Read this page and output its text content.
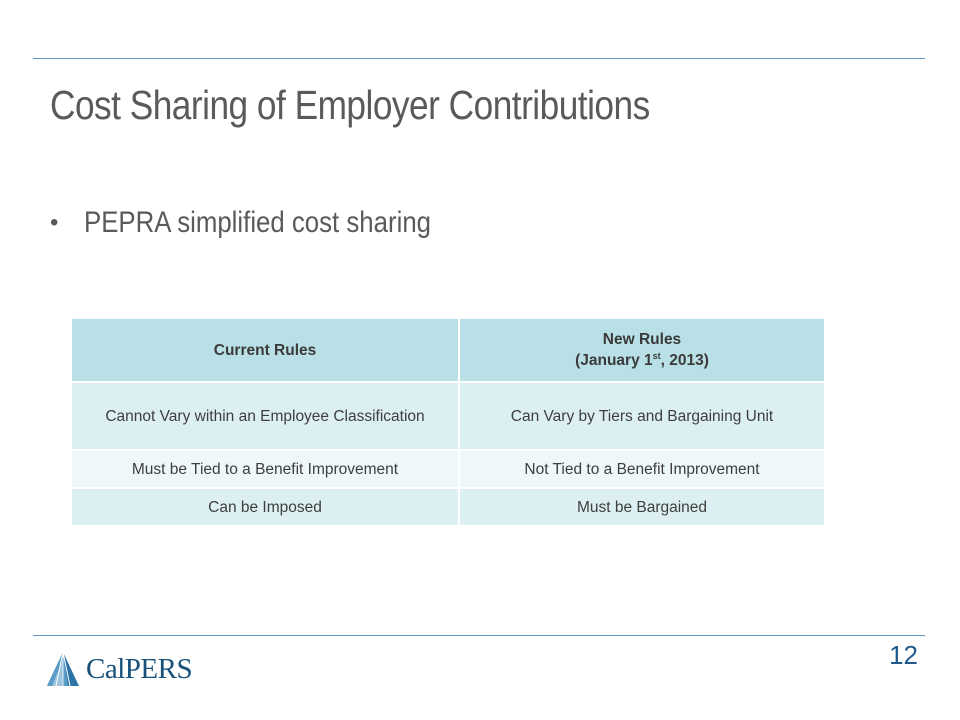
Cost Sharing of Employer Contributions
• PEPRA simplified cost sharing
Current Rules	New Rules
(January 1st, 2013)
Cannot Vary within an Employee Classification	Can Vary by Tiers and Bargaining Unit
Must be Tied to a Benefit Improvement	Not Tied to a Benefit Improvement
Can be Imposed	Must be Bargained
CalPERS	12
